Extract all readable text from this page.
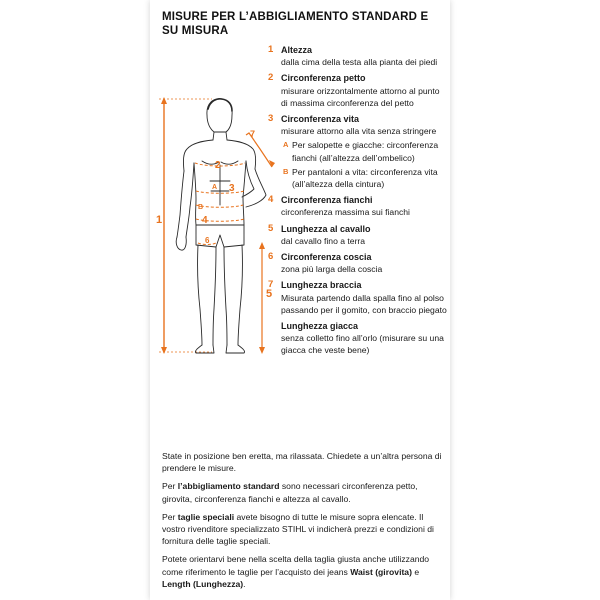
MISURE PER L’ABBIGLIAMENTO STANDARD E SU MISURA
1
2
3
A
B
4
5
6
7
1 Altezza
dalla cima della testa alla pianta dei piedi
2 Circonferenza petto
misurare orizzontalmente attorno al punto di massima circonferenza del petto
3 Circonferenza vita
misurare attorno alla vita senza stringere
A Per salopette e giacche: circonferenza fianchi (all’altezza dell’ombelico)
B Per pantaloni a vita: circonferenza vita (all’altezza della cintura)
4 Circonferenza fianchi
circonferenza massima sui fianchi
5 Lunghezza al cavallo
dal cavallo fino a terra
6 Circonferenza coscia
zona più larga della coscia
7 Lunghezza braccia
Misurata partendo dalla spalla fino al polso passando per il gomito, con braccio piegato
Lunghezza giacca
senza colletto fino all’orlo (misurare su una giacca che veste bene)

State in posizione ben eretta, ma rilassata. Chiedete a un’altra persona di prendere le misure.

Per l’abbigliamento standard sono necessari circonferenza petto, girovita, circonferenza fianchi e altezza al cavallo.

Per taglie speciali avete bisogno di tutte le misure sopra elencate. Il vostro rivenditore specializzato STIHL vi indicherà prezzi e condizioni di fornitura delle taglie speciali.

Potete orientarvi bene nella scelta della taglia giusta anche utilizzando come riferimento le taglie per l’acquisto dei jeans Waist (girovita) e Length (Lunghezza).
